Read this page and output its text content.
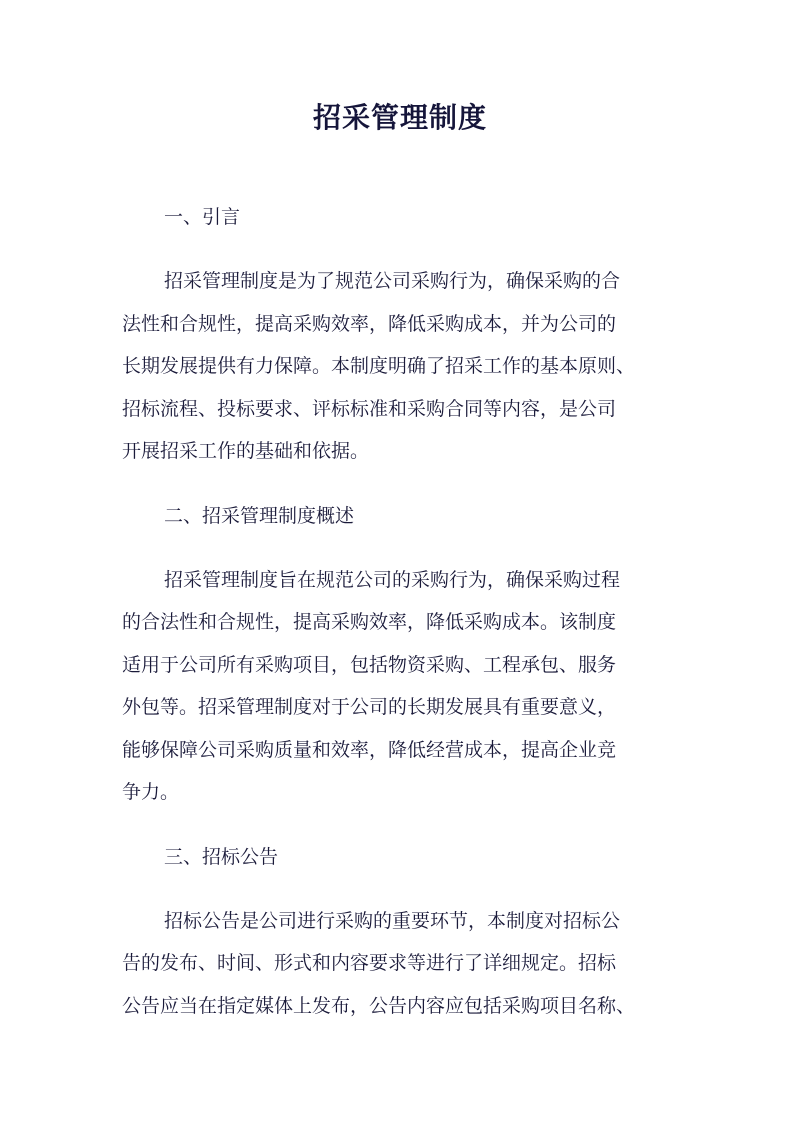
招采管理制度
一、引言

招采管理制度是为了规范公司采购行为，确保采购的合
法性和合规性，提高采购效率，降低采购成本，并为公司的
长期发展提供有力保障。本制度明确了招采工作的基本原则、
招标流程、投标要求、评标标准和采购合同等内容，是公司
开展招采工作的基础和依据。

二、招采管理制度概述

招采管理制度旨在规范公司的采购行为，确保采购过程
的合法性和合规性，提高采购效率，降低采购成本。该制度
适用于公司所有采购项目，包括物资采购、工程承包、服务
外包等。招采管理制度对于公司的长期发展具有重要意义，
能够保障公司采购质量和效率，降低经营成本，提高企业竞
争力。

三、招标公告

招标公告是公司进行采购的重要环节，本制度对招标公
告的发布、时间、形式和内容要求等进行了详细规定。招标
公告应当在指定媒体上发布，公告内容应包括采购项目名称、
